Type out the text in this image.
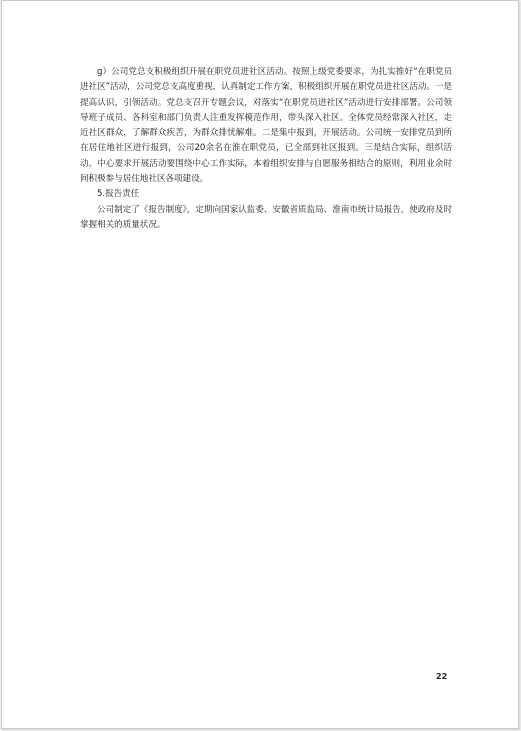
g）公司党总支积极组织开展在职党员进社区活动。按照上级党委要求，为扎实推好“在职党员进社区”活动，公司党总支高度重视，认真制定工作方案，积极组织开展在职党员进社区活动。一是提高认识，引领活动。党总支召开专题会议，对落实“在职党员进社区”活动进行安排部署。公司领导班子成员、各科室和部门负责人注重发挥模范作用，带头深入社区。全体党员经常深入社区，走近社区群众，了解群众疾苦，为群众排忧解难。二是集中报到，开展活动。公司统一安排党员到所在居住地社区进行报到，公司20余名在淮在职党员，已全部到社区报到。三是结合实际，组织活动。中心要求开展活动要围绕中心工作实际，本着组织安排与自愿服务相结合的原则，利用业余时间积极参与居住地社区各项建设。

5.报告责任

公司制定了《报告制度》，定期向国家认监委、安徽省质监局、淮南市统计局报告，使政府及时掌握相关的质量状况。

22
